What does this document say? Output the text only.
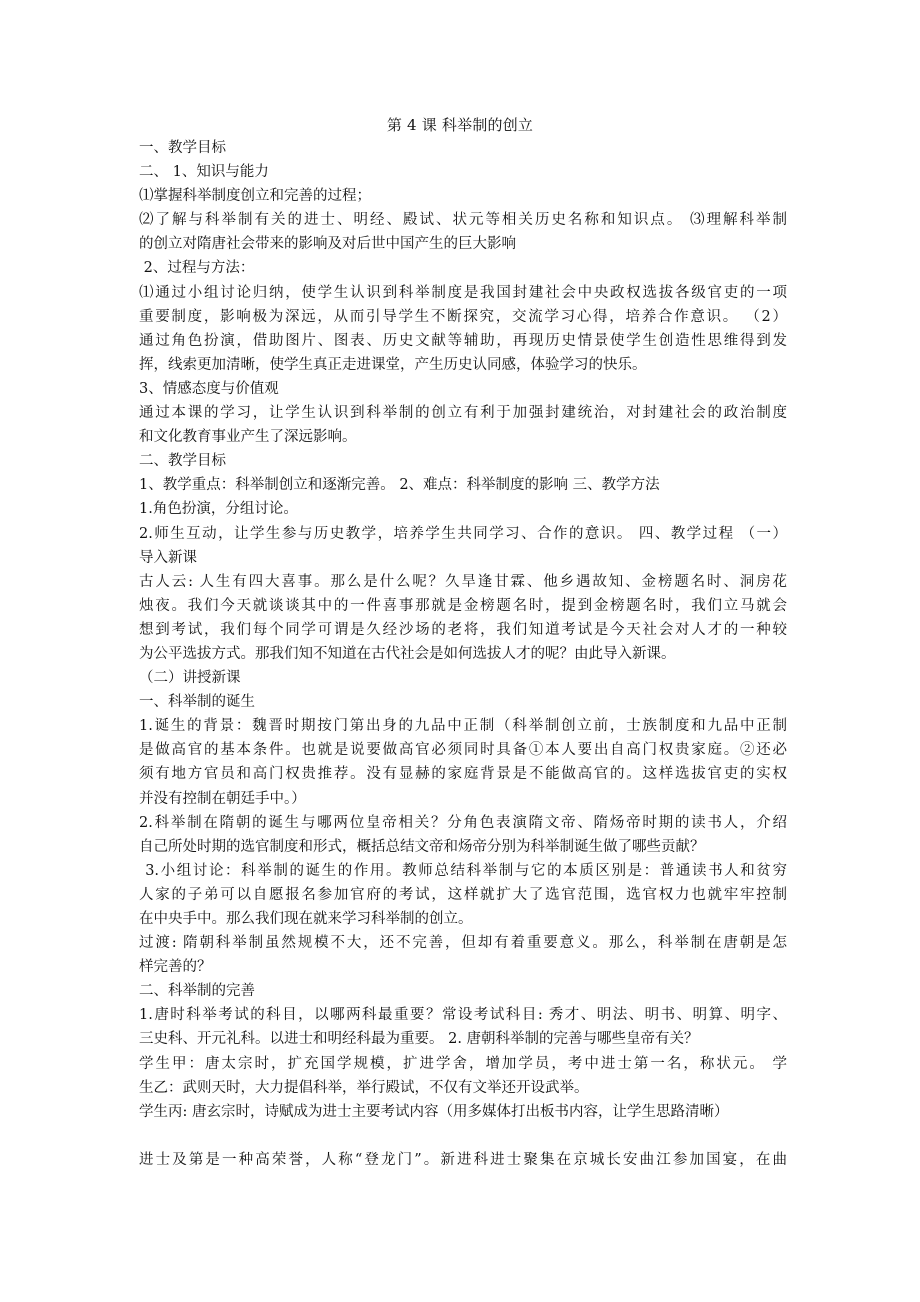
第 4 课 科举制的创立
一、教学目标
二、 1、知识与能力
⑴掌握科举制度创立和完善的过程；
⑵了解与科举制有关的进士、明经、殿试、状元等相关历史名称和知识点。 ⑶理解科举制
的创立对隋唐社会带来的影响及对后世中国产生的巨大影响
2、过程与方法：
⑴通过小组讨论归纳，使学生认识到科举制度是我国封建社会中央政权选拔各级官吏的一项
重要制度，影响极为深远，从而引导学生不断探究，交流学习心得，培养合作意识。 （2）
通过角色扮演，借助图片、图表、历史文献等辅助，再现历史情景使学生创造性思维得到发
挥，线索更加清晰，使学生真正走进课堂，产生历史认同感，体验学习的快乐。
3、情感态度与价值观
通过本课的学习，让学生认识到科举制的创立有利于加强封建统治，对封建社会的政治制度
和文化教育事业产生了深远影响。
二、教学目标
1、教学重点：科举制创立和逐渐完善。 2、难点：科举制度的影响 三、教学方法
1.角色扮演，分组讨论。
2.师生互动，让学生参与历史教学，培养学生共同学习、合作的意识。 四、教学过程 （一）
导入新课
古人云: 人生有四大喜事。那么是什么呢？久旱逢甘霖、他乡遇故知、金榜题名时、洞房花
烛夜。我们今天就谈谈其中的一件喜事那就是金榜题名时，提到金榜题名时，我们立马就会
想到考试，我们每个同学可谓是久经沙场的老将，我们知道考试是今天社会对人才的一种较
为公平选拔方式。那我们知不知道在古代社会是如何选拔人才的呢？由此导入新课。
（二）讲授新课
一、科举制的诞生
1.诞生的背景：魏晋时期按门第出身的九品中正制（科举制创立前，士族制度和九品中正制
是做高官的基本条件。也就是说要做高官必须同时具备①本人要出自高门权贵家庭。②还必
须有地方官员和高门权贵推荐。没有显赫的家庭背景是不能做高官的。这样选拔官吏的实权
并没有控制在朝廷手中。）
2.科举制在隋朝的诞生与哪两位皇帝相关？分角色表演隋文帝、隋炀帝时期的读书人，介绍
自己所处时期的选官制度和形式，概括总结文帝和炀帝分别为科举制诞生做了哪些贡献？
3.小组讨论：科举制的诞生的作用。教师总结科举制与它的本质区别是：普通读书人和贫穷
人家的子弟可以自愿报名参加官府的考试，这样就扩大了选官范围，选官权力也就牢牢控制
在中央手中。那么我们现在就来学习科举制的创立。
过渡: 隋朝科举制虽然规模不大，还不完善，但却有着重要意义。那么，科举制在唐朝是怎
样完善的？
二、科举制的完善
1.唐时科举考试的科目，以哪两科最重要？常设考试科目: 秀才、明法、明书、明算、明字、
三史科、开元礼科。以进士和明经科最为重要。 2. 唐朝科举制的完善与哪些皇帝有关？
学生甲：唐太宗时，扩充国学规模，扩进学舍，增加学员，考中进士第一名，称状元。 学
生乙：武则天时，大力提倡科举，举行殿试，不仅有文举还开设武举。
学生丙: 唐玄宗时，诗赋成为进士主要考试内容（用多媒体打出板书内容，让学生思路清晰）
进士及第是一种高荣誉，人称“登龙门”。新进科进士聚集在京城长安曲江参加国宴，在曲
